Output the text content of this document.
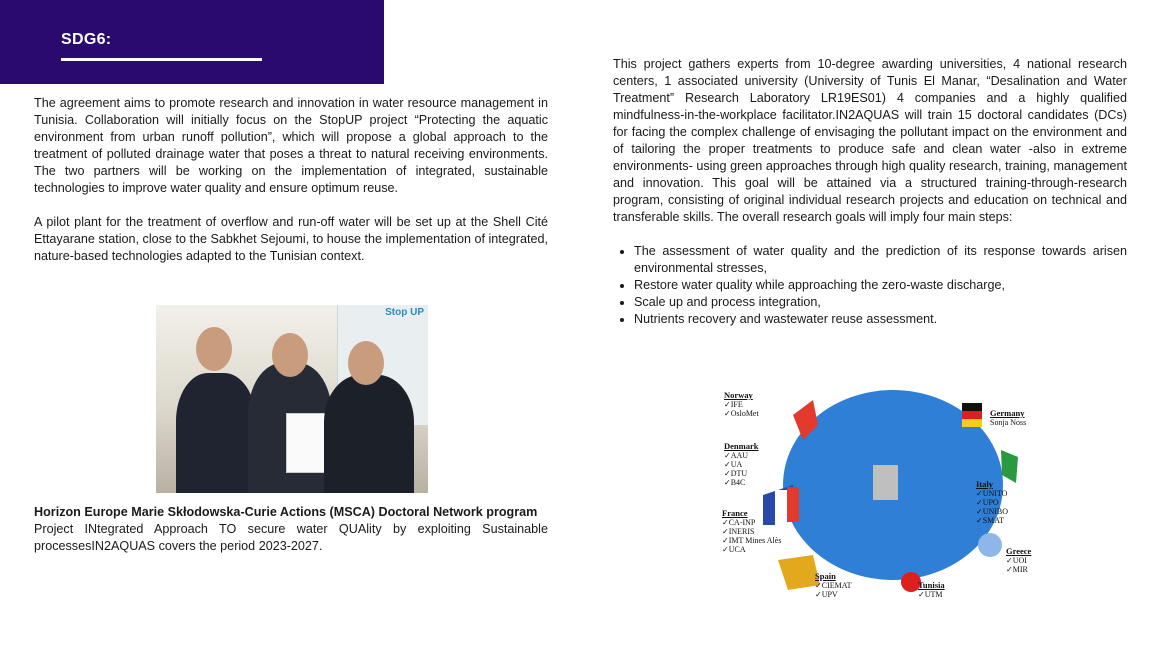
SDG6:

The agreement aims to promote research and innovation in water resource management in Tunisia. Collaboration will initially focus on the StopUP project “Protecting the aquatic environment from urban runoff pollution”, which will propose a global approach to the treatment of polluted drainage water that poses a threat to natural receiving environments. The two partners will be working on the implementation of integrated, sustainable technologies to improve water quality and ensure optimum reuse.

A pilot plant for the treatment of overflow and run-off water will be set up at the Shell Cité Ettayarane station, close to the Sabkhet Sejoumi, to house the implementation of integrated, nature-based technologies adapted to the Tunisian context.

Stop UP

Horizon Europe Marie Skłodowska-Curie Actions (MSCA) Doctoral Network program

Project INtegrated Approach TO secure water QUAlity by exploiting Sustainable processesIN2AQUAS covers the period 2023-2027.

This project gathers experts from 10-degree awarding universities, 4 national research centers, 1 associated university (University of Tunis El Manar, “Desalination and Water Treatment” Research Laboratory LR19ES01) 4 companies and a highly qualified mindfulness-in-the-workplace facilitator.IN2AQUAS will train 15 doctoral candidates (DCs) for facing the complex challenge of envisaging the pollutant impact on the environment and of tailoring the proper treatments to produce safe and clean water -also in extreme environments- using green approaches through high quality research, training, management and innovation. This goal will be attained via a structured training-through-research program, consisting of original individual research projects and education on technical and transferable skills. The overall research goals will imply four main steps:

• The assessment of water quality and the prediction of its response towards arisen environmental stresses,
• Restore water quality while approaching the zero-waste discharge,
• Scale up and process integration,
• Nutrients recovery and wastewater reuse assessment.
Norway
✓ IFE
✓ OsloMet
Denmark
✓ AAU
✓ UA
✓ DTU
✓ B4C
France
✓ CA-INP
✓ INERIS
✓ IMT Mines Alès
✓ UCA
Spain
✓ CIEMAT
✓ UPV
Tunisia
✓ UTM
Greece
✓ UOI
✓ MIR
Italy
✓ UNITO
✓ UPO
✓ UNIBO
✓ SMAT
Germany
Sonja Noss
